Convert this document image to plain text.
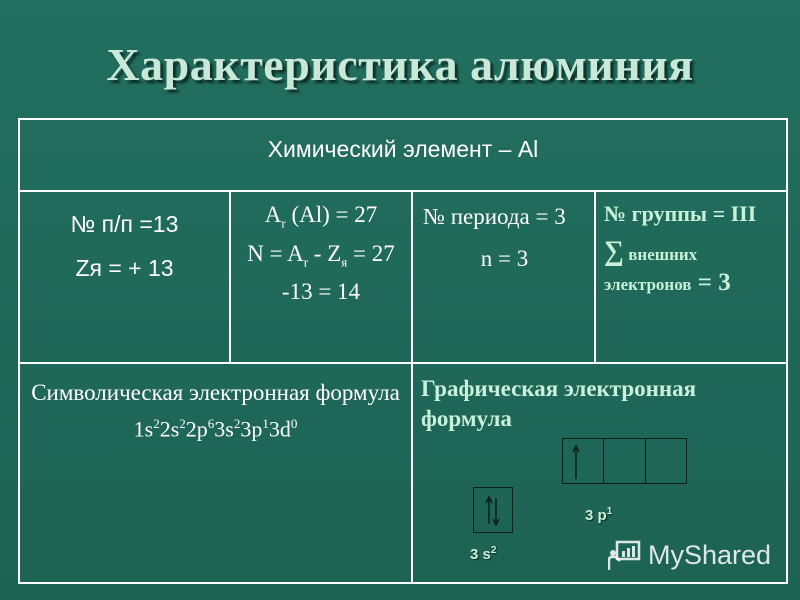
Характеристика алюминия
Химический элемент – Al
№ п/п =13
Zя = + 13
$A_r$ (Al) = 27
$N = A_r - Z_я = 27$ -13 = 14
№ периода = 3
n = 3
№ группы = III
∑ внешних
электронов = 3
Символическая электронная формула
$1s^22s^22p^63s^23p^13d^0$
Графическая электронная формула
3 $p^1$
3 $s^2$	MyShared
